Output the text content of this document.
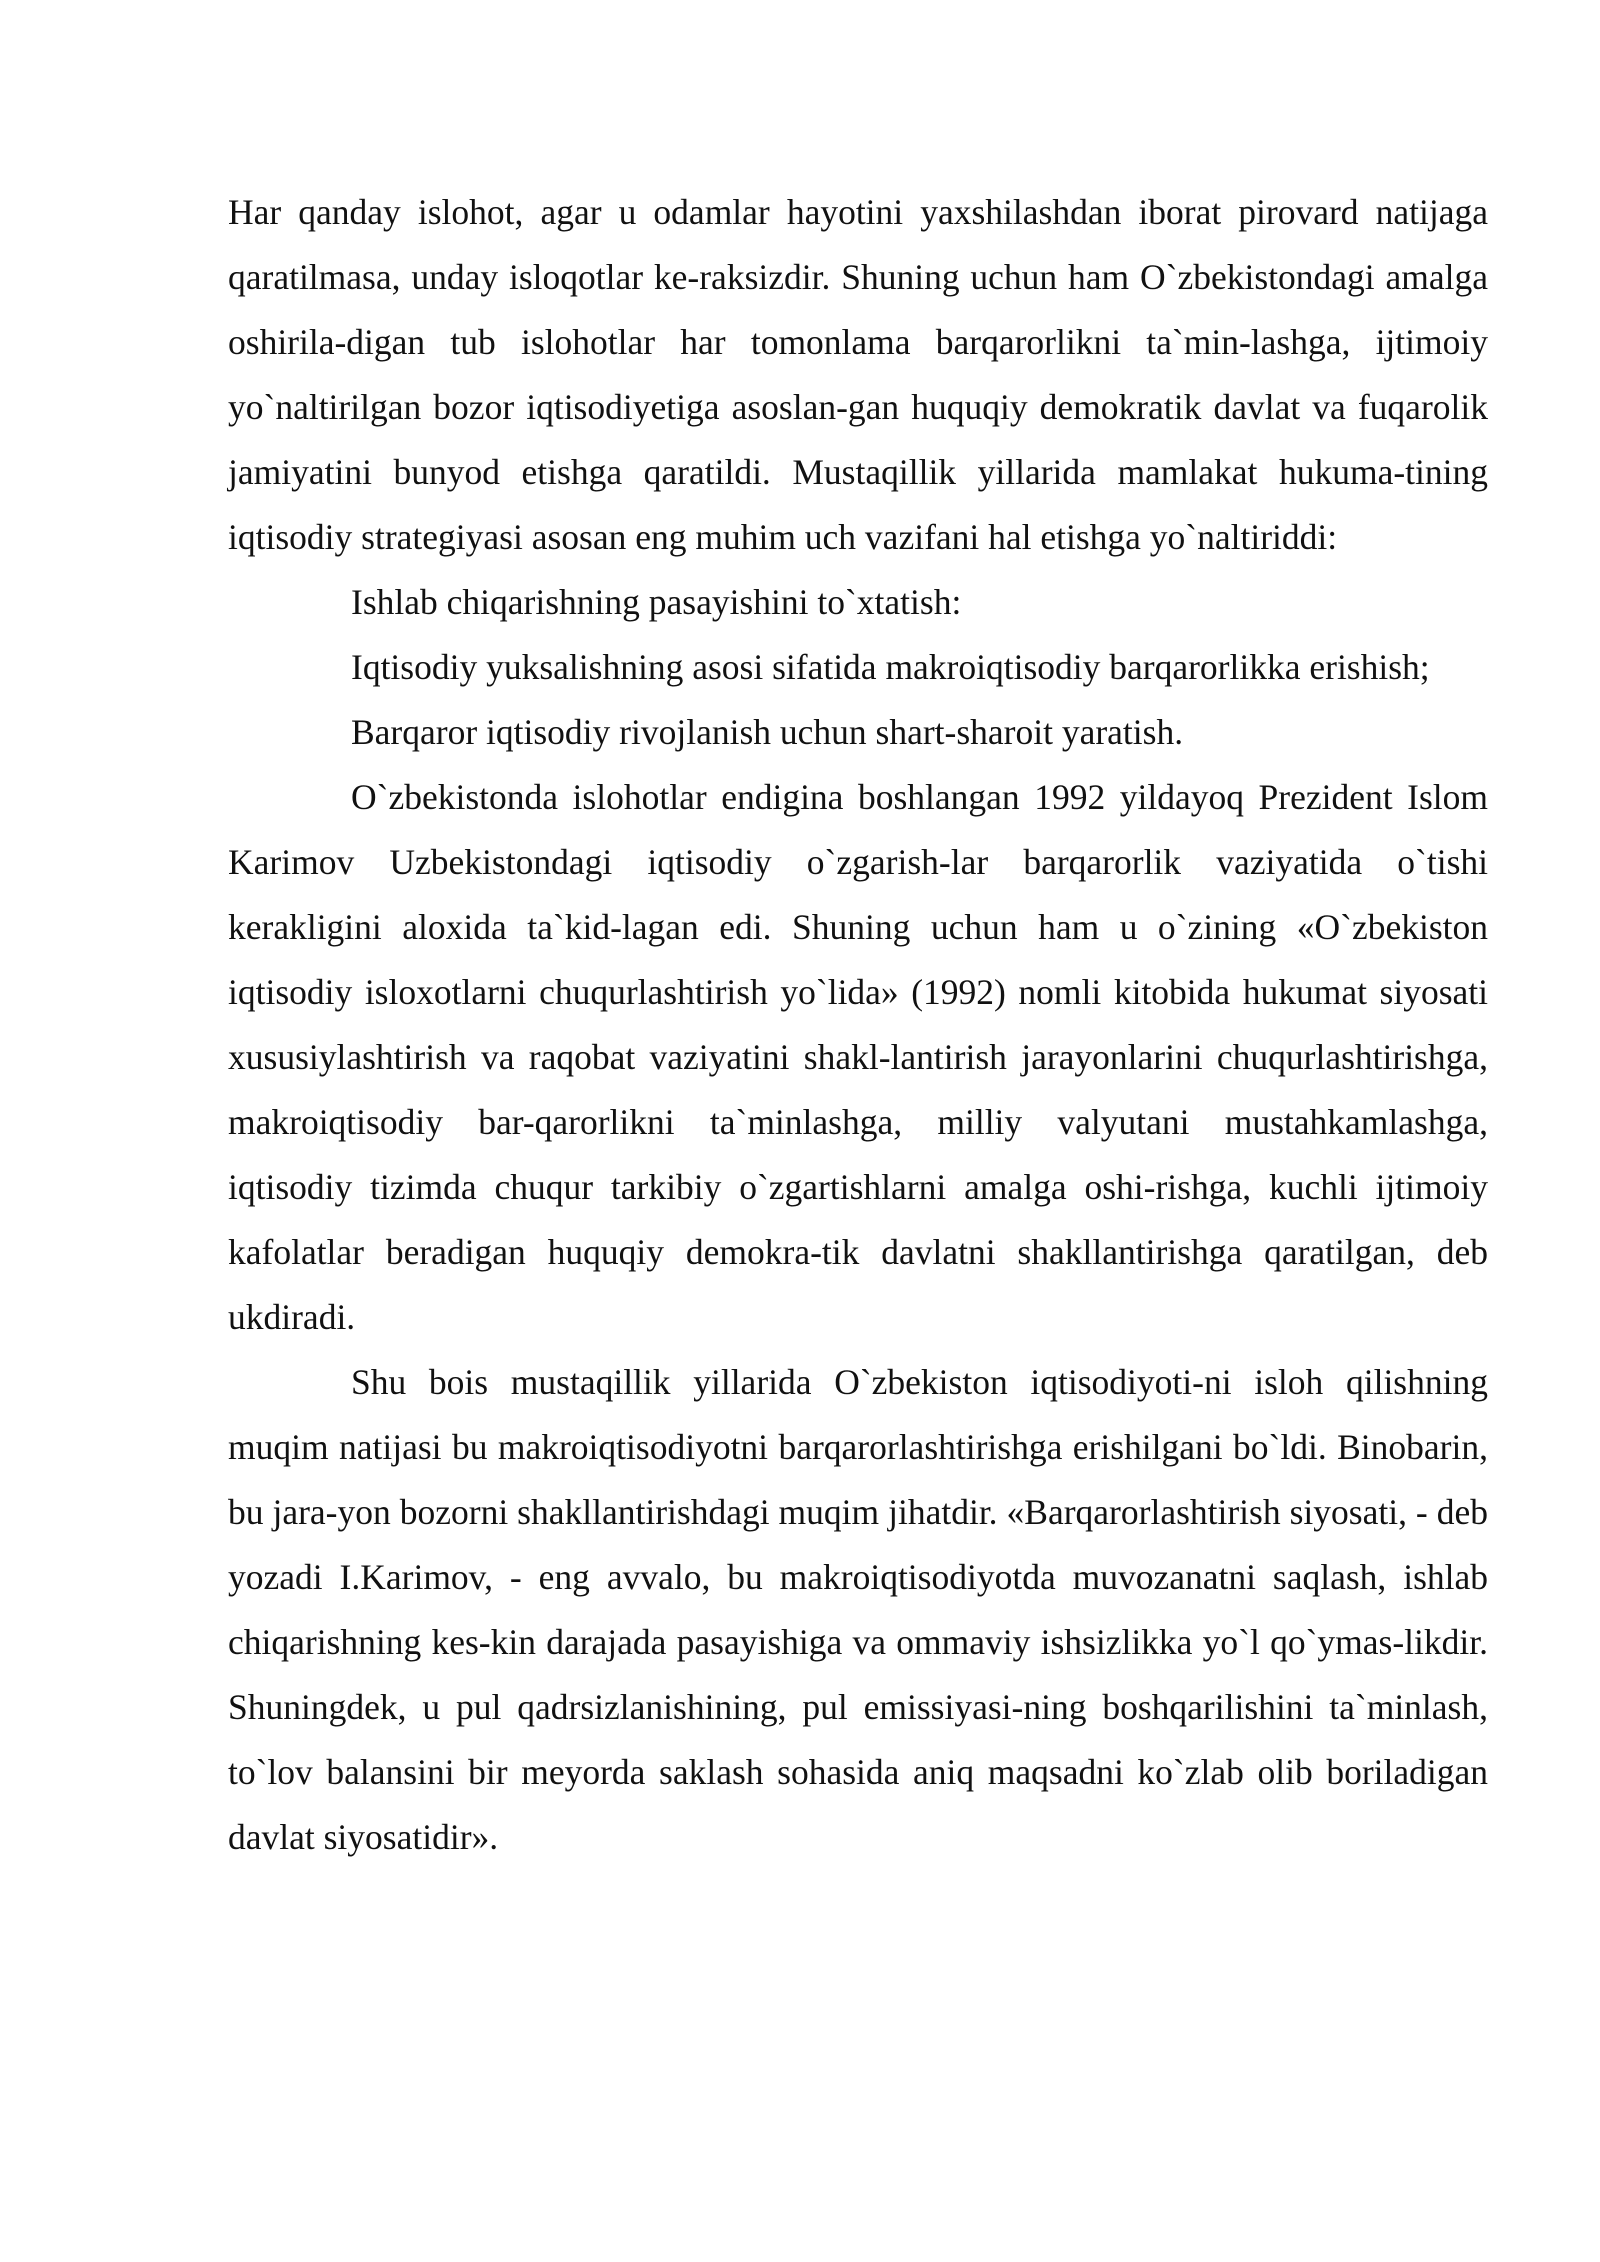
Har qanday islohot, agar u odamlar hayotini yaxshilashdan iborat pirovard natijaga qaratilmasa, unday isloqotlar ke-raksizdir. Shuning uchun ham O`zbekistondagi amalga oshirila-digan tub islohotlar har tomonlama barqarorlikni ta`min-lashga, ijtimoiy yo`naltirilgan bozor iqtisodiyetiga asoslan-gan huquqiy demokratik davlat va fuqarolik jamiyatini bunyod etishga qaratildi. Mustaqillik yillarida mamlakat hukuma-tining iqtisodiy strategiyasi asosan eng muhim uch vazifani hal etishga yo`naltiriddi:

Ishlab chiqarishning pasayishini to`xtatish:

Iqtisodiy yuksalishning asosi sifatida makroiqtisodiy barqarorlikka erishish;

Barqaror iqtisodiy rivojlanish uchun shart-sharoit yaratish.

O`zbekistonda islohotlar endigina boshlangan 1992 yildayoq Prezident Islom Karimov Uzbekistondagi iqtisodiy o`zgarish-lar barqarorlik vaziyatida o`tishi kerakligini aloxida ta`kid-lagan edi. Shuning uchun ham u o`zining «O`zbekiston iqtisodiy isloxotlarni chuqurlashtirish yo`lida» (1992) nomli kitobida hukumat siyosati xususiylashtirish va raqobat vaziyatini shakl-lantirish jarayonlarini chuqurlashtirishga, makroiqtisodiy bar-qarorlikni ta`minlashga, milliy valyutani mustahkamlashga, iqtisodiy tizimda chuqur tarkibiy o`zgartishlarni amalga oshi-rishga, kuchli ijtimoiy kafolatlar beradigan huquqiy demokra-tik davlatni shakllantirishga qaratilgan, deb ukdiradi.

Shu bois mustaqillik yillarida O`zbekiston iqtisodiyoti-ni isloh qilishning muqim natijasi bu makroiqtisodiyotni barqarorlashtirishga erishilgani bo`ldi. Binobarin, bu jara-yon bozorni shakllantirishdagi muqim jihatdir. «Barqarorlashtirish siyosati, - deb yozadi I.Karimov, - eng avvalo, bu makroiqtisodiyotda muvozanatni saqlash, ishlab chiqarishning kes-kin darajada pasayishiga va ommaviy ishsizlikka yo`l qo`ymas-likdir. Shuningdek, u pul qadrsizlanishining, pul emissiyasi-ning boshqarilishini ta`minlash, to`lov balansini bir meyorda saklash sohasida aniq maqsadni ko`zlab olib boriladigan davlat siyosatidir».
